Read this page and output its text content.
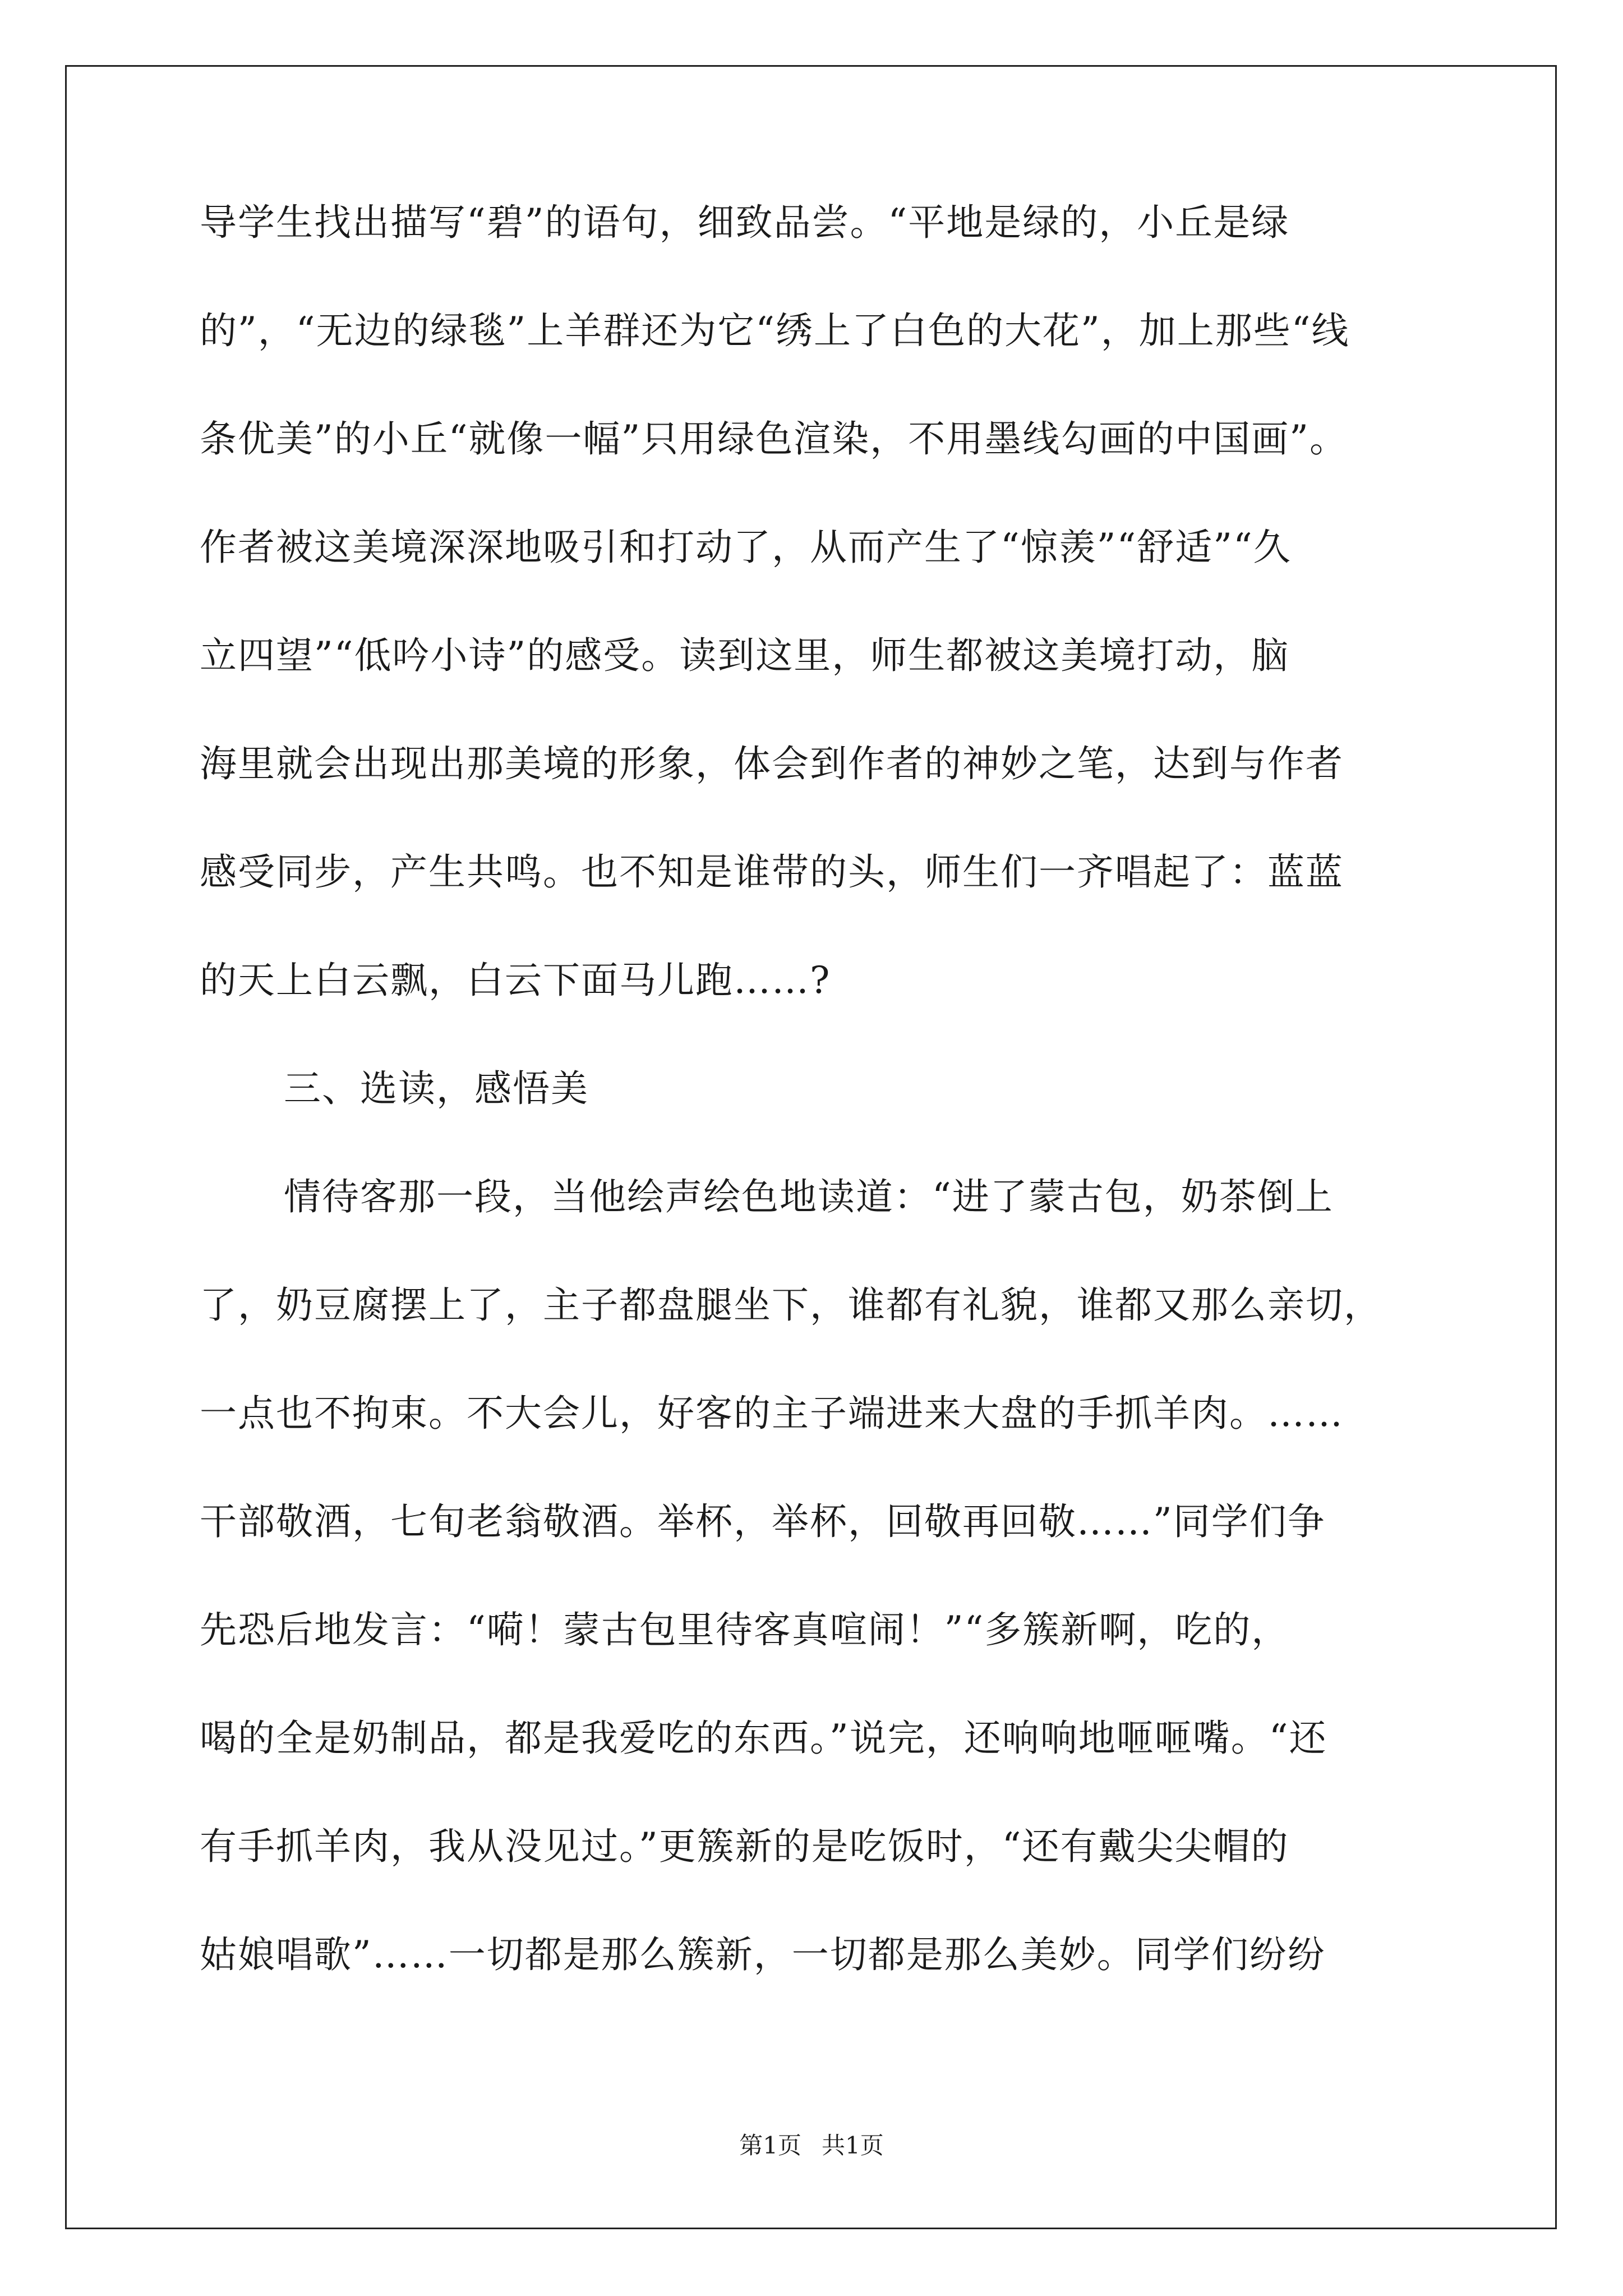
导学生找出描写“碧”的语句，细致品尝。“平地是绿的，小丘是绿
的”，“无边的绿毯”上羊群还为它“绣上了白色的大花”，加上那些“线
条优美”的小丘“就像一幅”只用绿色渲染，不用墨线勾画的中国画”。
作者被这美境深深地吸引和打动了，从而产生了“惊羡”“舒适”“久
立四望”“低吟小诗”的感受。读到这里，师生都被这美境打动，脑
海里就会出现出那美境的形象，体会到作者的神妙之笔，达到与作者
感受同步，产生共鸣。也不知是谁带的头，师生们一齐唱起了：蓝蓝
的天上白云飘，白云下面马儿跑……?
三、选读，感悟美
情待客那一段，当他绘声绘色地读道：“进了蒙古包，奶茶倒上
了，奶豆腐摆上了，主子都盘腿坐下，谁都有礼貌，谁都又那么亲切，
一点也不拘束。不大会儿，好客的主子端进来大盘的手抓羊肉。……
干部敬酒，七旬老翁敬酒。举杯，举杯，回敬再回敬……”同学们争
先恐后地发言：“嗬！蒙古包里待客真喧闹！”“多簇新啊，吃的，
喝的全是奶制品，都是我爱吃的东西。”说完，还响响地咂咂嘴。“还
有手抓羊肉，我从没见过。”更簇新的是吃饭时，“还有戴尖尖帽的
姑娘唱歌”……一切都是那么簇新，一切都是那么美妙。同学们纷纷
第1页 共1页
